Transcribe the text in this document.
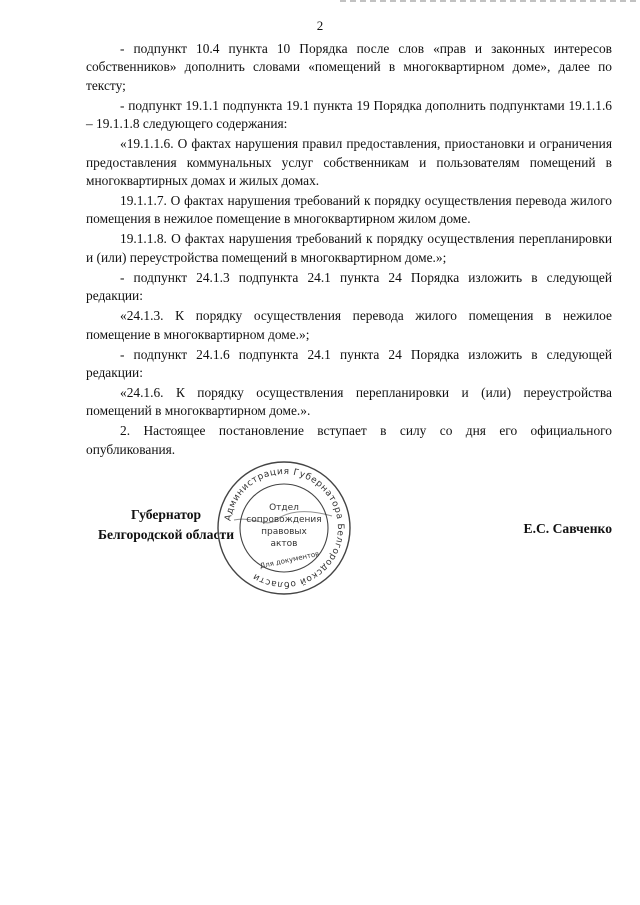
2

- подпункт 10.4 пункта 10 Порядка после слов «прав и законных интересов собственников» дополнить словами «помещений в многоквартирном доме», далее по тексту;

- подпункт 19.1.1 подпункта 19.1 пункта 19 Порядка дополнить подпунктами 19.1.1.6 – 19.1.1.8 следующего содержания:

«19.1.1.6. О фактах нарушения правил предоставления, приостановки и ограничения предоставления коммунальных услуг собственникам и пользователям помещений в многоквартирных домах и жилых домах.

19.1.1.7. О фактах нарушения требований к порядку осуществления перевода жилого помещения в нежилое помещение в многоквартирном жилом доме.

19.1.1.8. О фактах нарушения требований к порядку осуществления перепланировки и (или) переустройства помещений в многоквартирном доме.»;

- подпункт 24.1.3 подпункта 24.1 пункта 24 Порядка изложить в следующей редакции:

«24.1.3. К порядку осуществления перевода жилого помещения в нежилое помещение в многоквартирном доме.»;

- подпункт 24.1.6 подпункта 24.1 пункта 24 Порядка изложить в следующей редакции:

«24.1.6. К порядку осуществления перепланировки и (или) переустройства помещений в многоквартирном доме.».

2. Настоящее постановление вступает в силу со дня его официального опубликования.

Губернатор
Белгородской области	Е.С. Савченко
Администрация Губернатора Белгородской области
Отдел
сопровождения
правовых
актов
Для документов
